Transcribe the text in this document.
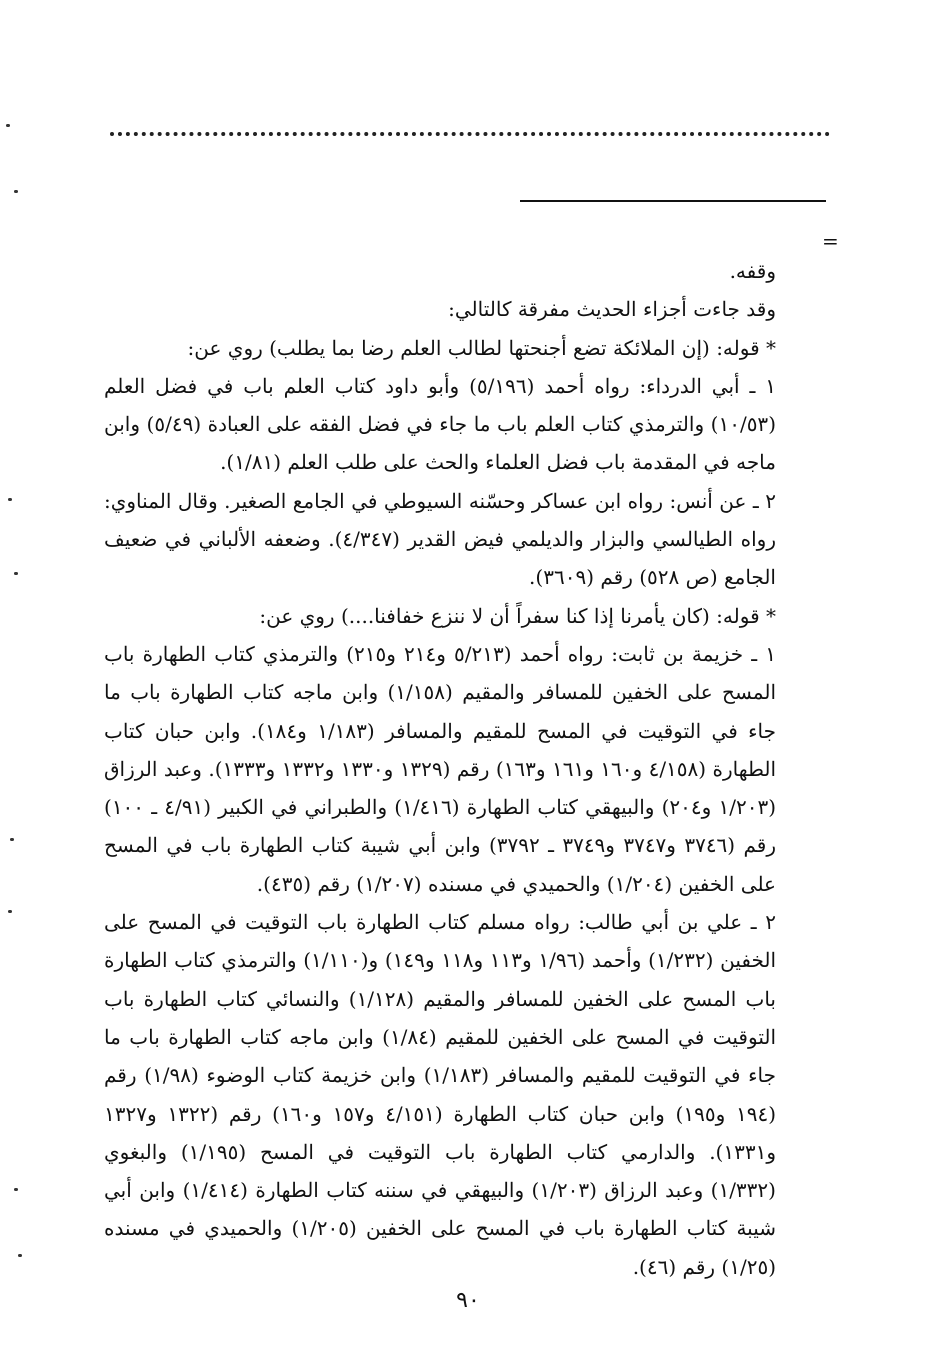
=

وقفه.

وقد جاءت أجزاء الحديث مفرقة كالتالي:

* قوله: (إن الملائكة تضع أجنحتها لطالب العلم رضا بما يطلب) روي عن:

١ ـ أبي الدرداء: رواه أحمد (٥/١٩٦) وأبو داود كتاب العلم باب في فضل العلم (١٠/٥٣) والترمذي كتاب العلم باب ما جاء في فضل الفقه على العبادة (٥/٤٩) وابن ماجه في المقدمة باب فضل العلماء والحث على طلب العلم (١/٨١).

٢ ـ عن أنس: رواه ابن عساكر وحسّنه السيوطي في الجامع الصغير. وقال المناوي: رواه الطيالسي والبزار والديلمي فيض القدير (٤/٣٤٧). وضعفه الألباني في ضعيف الجامع (ص ٥٢٨) رقم (٣٦٠٩).

* قوله: (كان يأمرنا إذا كنا سفراً أن لا ننزع خفافنا....) روي عن:

١ ـ خزيمة بن ثابت: رواه أحمد (٥/٢١٣ و٢١٤ و٢١٥) والترمذي كتاب الطهارة باب المسح على الخفين للمسافر والمقيم (١/١٥٨) وابن ماجه كتاب الطهارة باب ما جاء في التوقيت في المسح للمقيم والمسافر (١/١٨٣ و١٨٤). وابن حبان كتاب الطهارة (٤/١٥٨ و١٦٠ و١٦١ و١٦٣) رقم (١٣٢٩ و١٣٣٠ و١٣٣٢ و١٣٣٣). وعبد الرزاق (١/٢٠٣ و٢٠٤) والبيهقي كتاب الطهارة (١/٤١٦) والطبراني في الكبير (٤/٩١ ـ ١٠٠) رقم (٣٧٤٦ و٣٧٤٧ و٣٧٤٩ ـ ٣٧٩٢) وابن أبي شيبة كتاب الطهارة باب في المسح على الخفين (١/٢٠٤) والحميدي في مسنده (١/٢٠٧) رقم (٤٣٥).

٢ ـ علي بن أبي طالب: رواه مسلم كتاب الطهارة باب التوقيت في المسح على الخفين (١/٢٣٢) وأحمد (١/٩٦ و١١٣ و١١٨ و١٤٩) و(١/١١٠) والترمذي كتاب الطهارة باب المسح على الخفين للمسافر والمقيم (١/١٢٨) والنسائي كتاب الطهارة باب التوقيت في المسح على الخفين للمقيم (١/٨٤) وابن ماجه كتاب الطهارة باب ما جاء في التوقيت للمقيم والمسافر (١/١٨٣) وابن خزيمة كتاب الوضوء (١/٩٨) رقم (١٩٤ و١٩٥) وابن حبان كتاب الطهارة (٤/١٥١ و١٥٧ و١٦٠) رقم (١٣٢٢ و١٣٢٧ و١٣٣١). والدارمي كتاب الطهارة باب التوقيت في المسح (١/١٩٥) والبغوي (١/٣٣٢) وعبد الرزاق (١/٢٠٣) والبيهقي في سننه كتاب الطهارة (١/٤١٤) وابن أبي شيبة كتاب الطهارة باب في المسح على الخفين (١/٢٠٥) والحميدي في مسنده (١/٢٥) رقم (٤٦).

٩٠
